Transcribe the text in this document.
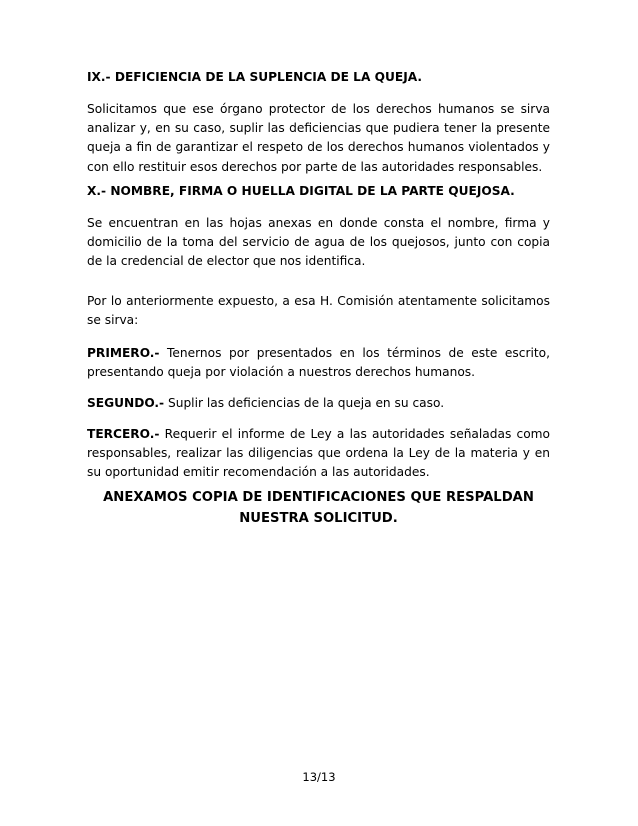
IX.- DEFICIENCIA DE LA SUPLENCIA DE LA QUEJA.

Solicitamos que ese órgano protector de los derechos humanos se sirva analizar y, en su caso, suplir las deficiencias que pudiera tener la presente queja a fin de garantizar el respeto de los derechos humanos violentados y con ello restituir esos derechos por parte de las autoridades responsables.

X.- NOMBRE, FIRMA O HUELLA DIGITAL DE LA PARTE QUEJOSA.

Se encuentran en las hojas anexas en donde consta el nombre, firma y domicilio de la toma del servicio de agua de los quejosos, junto con copia de la credencial de elector que nos identifica.

Por lo anteriormente expuesto, a esa H. Comisión atentamente solicitamos se sirva:

PRIMERO.- Tenernos por presentados en los términos de este escrito, presentando queja por violación a nuestros derechos humanos.

SEGUNDO.- Suplir las deficiencias de la queja en su caso.

TERCERO.- Requerir el informe de Ley a las autoridades señaladas como responsables, realizar las diligencias que ordena la Ley de la materia y en su oportunidad emitir recomendación a las autoridades.

ANEXAMOS COPIA DE IDENTIFICACIONES QUE RESPALDAN

NUESTRA SOLICITUD.

13/13
